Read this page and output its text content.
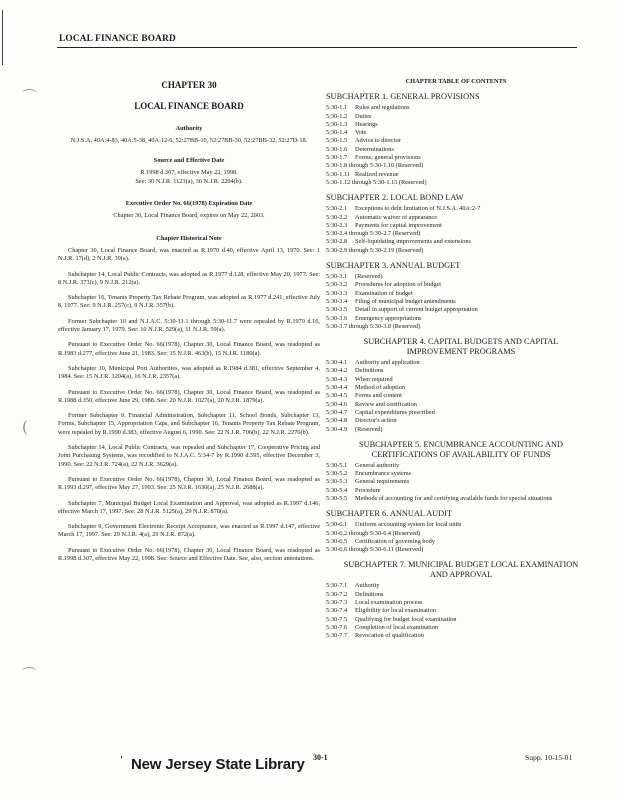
⌒
(
⌒
LOCAL FINANCE BOARD
CHAPTER 30
LOCAL FINANCE BOARD
Authority
N.J.S.A. 40A:4-83, 40A:5-38, 40A:12-6, 52:27BB-10, 52:27BB-30, 52:27BB-32, 52:27D-18.
Source and Effective Date
R.1998 d.307, effective May 22, 1998.
See: 30 N.J.R. 1123(a), 30 N.J.R. 2204(b).
Executive Order No. 66(1978) Expiration Date
Chapter 30, Local Finance Board, expires on May 22, 2003.
Chapter Historical Note

Chapter 30, Local Finance Board, was enacted as R.1970 d.40, effective April 13, 1970. See: 1 N.J.R. 17(d), 2 N.J.R. 39(a).

Subchapter 14, Local Public Contracts, was adopted as R.1977 d.128, effective May 20, 1977. See: 8 N.J.R. 371(c), 9 N.J.R. 212(a).

Subchapter 16, Tenants Property Tax Rebate Program, was adopted as R.1977 d.241, effective July 8, 1977. See: 9 N.J.R. 257(c), 9 N.J.R. 357(b).

Former Subchapter 10 and N.J.A.C. 5:30-11.1 through 5:30-11.7 were repealed by R.1979 d.16, effective January 17, 1979. See: 10 N.J.R. 529(a), 11 N.J.R. 59(a).

Pursuant to Executive Order No. 66(1978), Chapter 30, Local Finance Board, was readopted as R.1983 d.277, effective June 21, 1983. See: 15 N.J.R. 463(b), 15 N.J.R. 1180(a).

Subchapter 10, Municipal Port Authorities, was adopted as R.1984 d.381, effective September 4, 1984. See: 15 N.J.R. 1204(a), 16 N.J.R. 2357(a).

Pursuant to Executive Order No. 66(1978), Chapter 30, Local Finance Board, was readopted as R.1988 d.350, effective June 29, 1988. See: 20 N.J.R. 1027(a), 20 N.J.R. 1879(a).

Former Subchapter 9, Financial Administration, Subchapter 11, School Bonds, Subchapter 13, Forms, Subchapter 15, Appropriation Caps, and Subchapter 16, Tenants Property Tax Rebate Program, were repealed by R.1990 d.383, effective August 6, 1990. See: 22 N.J.R. 706(b), 22 N.J.R. 2276(b).

Subchapter 14, Local Public Contracts, was repealed and Subchapter 17, Cooperative Pricing and Joint Purchasing Systems, was recodified to N.J.A.C. 5:34-7 by R.1990 d.595, effective December 3, 1990. See: 22 N.J.R. 724(a), 22 N.J.R. 3629(a).

Pursuant to Executive Order No. 66(1978), Chapter 30, Local Finance Board, was readopted as R.1993 d.297, effective May 27, 1993. See: 25 N.J.R. 1630(a), 25 N.J.R. 2688(a).

Subchapter 7, Municipal Budget Local Examination and Approval, was adopted as R.1997 d.146, effective March 17, 1997. See: 28 N.J.R. 5125(a), 29 N.J.R. 870(a).

Subchapter 9, Government Electronic Receipt Acceptance, was enacted as R.1997 d.147, effective March 17, 1997. See: 29 N.J.R. 4(a), 29 N.J.R. 872(a).

Pursuant to Executive Order No. 66(1978), Chapter 30, Local Finance Board, was readopted as R.1998 d.307, effective May 22, 1998. See: Source and Effective Date. See, also, section annotations.

CHAPTER TABLE OF CONTENTS
SUBCHAPTER 1. GENERAL PROVISIONS
5:30-1.1	Rules and regulations
5:30-1.2	Duties
5:30-1.3	Hearings
5:30-1.4	Vote
5:30-1.5	Advice to director
5:30-1.6	Determinations
5:30-1.7	Forms; general provisions
5:30-1.8 through 5:30-1.10 (Reserved)
5:30-1.11 Realized revenue
5:30-1.12 through 5:30-1.15 (Reserved)
SUBCHAPTER 2. LOCAL BOND LAW
5:30-2.1	Exceptions to debt limitation of N.J.S.A. 40A:2-7
5:30-2.2	Automatic waiver of appearance
5:30-2.3	Payments for capital improvement
5:30-2.4 through 5:30-2.7 (Reserved)
5:30-2.8	Self-liquidating improvements and extensions
5:30-2.9 through 5:30-2.19 (Reserved)
SUBCHAPTER 3. ANNUAL BUDGET
5:30-3.1	(Reserved)
5:30-3.2	Procedures for adoption of budget
5:30-3.3	Examination of budget
5:30-3.4	Filing of municipal budget amendments
5:30-3.5	Detail in support of current budget appropriation
5:30-3.6	Emergency appropriations
5:30-3.7 through 5:30-3.8 (Reserved)
SUBCHAPTER 4. CAPITAL BUDGETS AND CAPITAL IMPROVEMENT PROGRAMS
5:30-4.1	Authority and application
5:30-4.2	Definitions
5:30-4.3	When required
5:30-4.4	Method of adoption
5:30-4.5	Forms and content
5:30-4.6	Review and certification
5:30-4.7	Capital expenditures prescribed
5:30-4.8	Director's action
5:30-4.9	(Reserved)
SUBCHAPTER 5. ENCUMBRANCE ACCOUNTING AND CERTIFICATIONS OF AVAILABILITY OF FUNDS
5:30-5.1	General authority
5:30-5.2	Encumbrance systems
5:30-5.3	General requirements
5:30-5.4	Procedure
5:30-5.5	Methods of accounting for and certifying available funds for special situations
SUBCHAPTER 6. ANNUAL AUDIT
5:30-6.1	Uniform accounting system for local units
5:30-6.2 through 5:30-6.4 (Reserved)
5:30-6.5	Certification of governing body
5:30-6.6 through 5:30-6.11 (Reserved)
SUBCHAPTER 7. MUNICIPAL BUDGET LOCAL EXAMINATION AND APPROVAL
5:30-7.1	Authority
5:30-7.2	Definitions
5:30-7.3	Local examination process
5:30-7.4	Eligibility for local examination
5:30-7.5	Qualifying for budget local examination
5:30-7.6	Completion of local examination
5:30-7.7	Revocation of qualification
' New Jersey State Library 30-1	Supp. 10-15-01
